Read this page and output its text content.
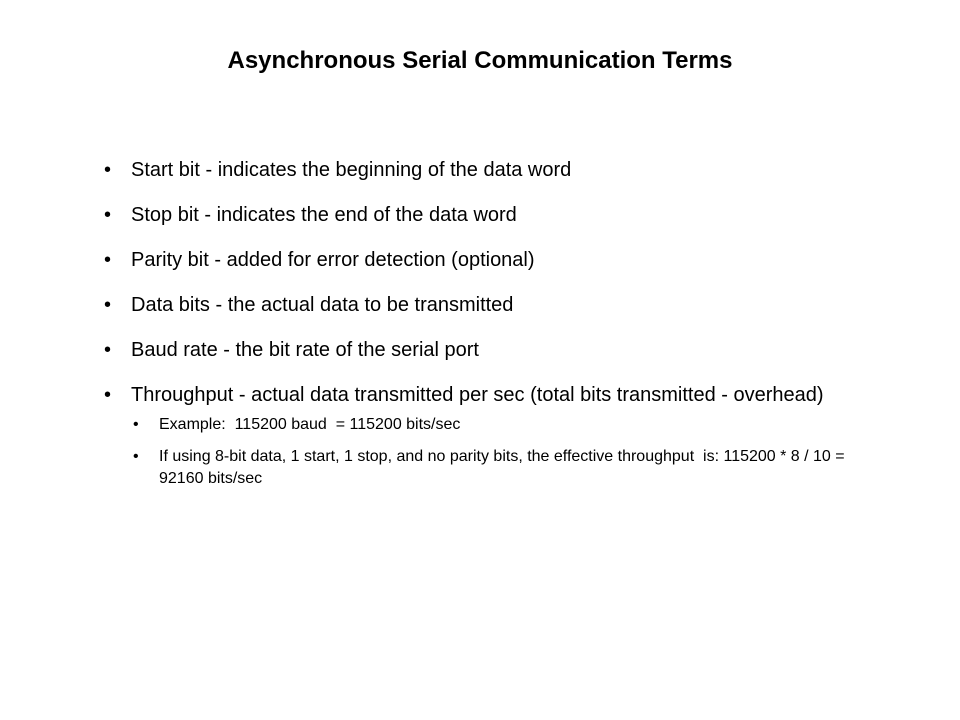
Asynchronous Serial Communication Terms
• Start bit - indicates the beginning of the data word
• Stop bit - indicates the end of the data word
• Parity bit - added for error detection (optional)
• Data bits - the actual data to be transmitted
• Baud rate - the bit rate of the serial port
• Throughput - actual data transmitted per sec (total bits transmitted - overhead)
•	Example:  115200 baud  = 115200 bits/sec
•	If using 8-bit data, 1 start, 1 stop, and no parity bits, the effective throughput  is: 115200 * 8 / 10 = 92160 bits/sec
